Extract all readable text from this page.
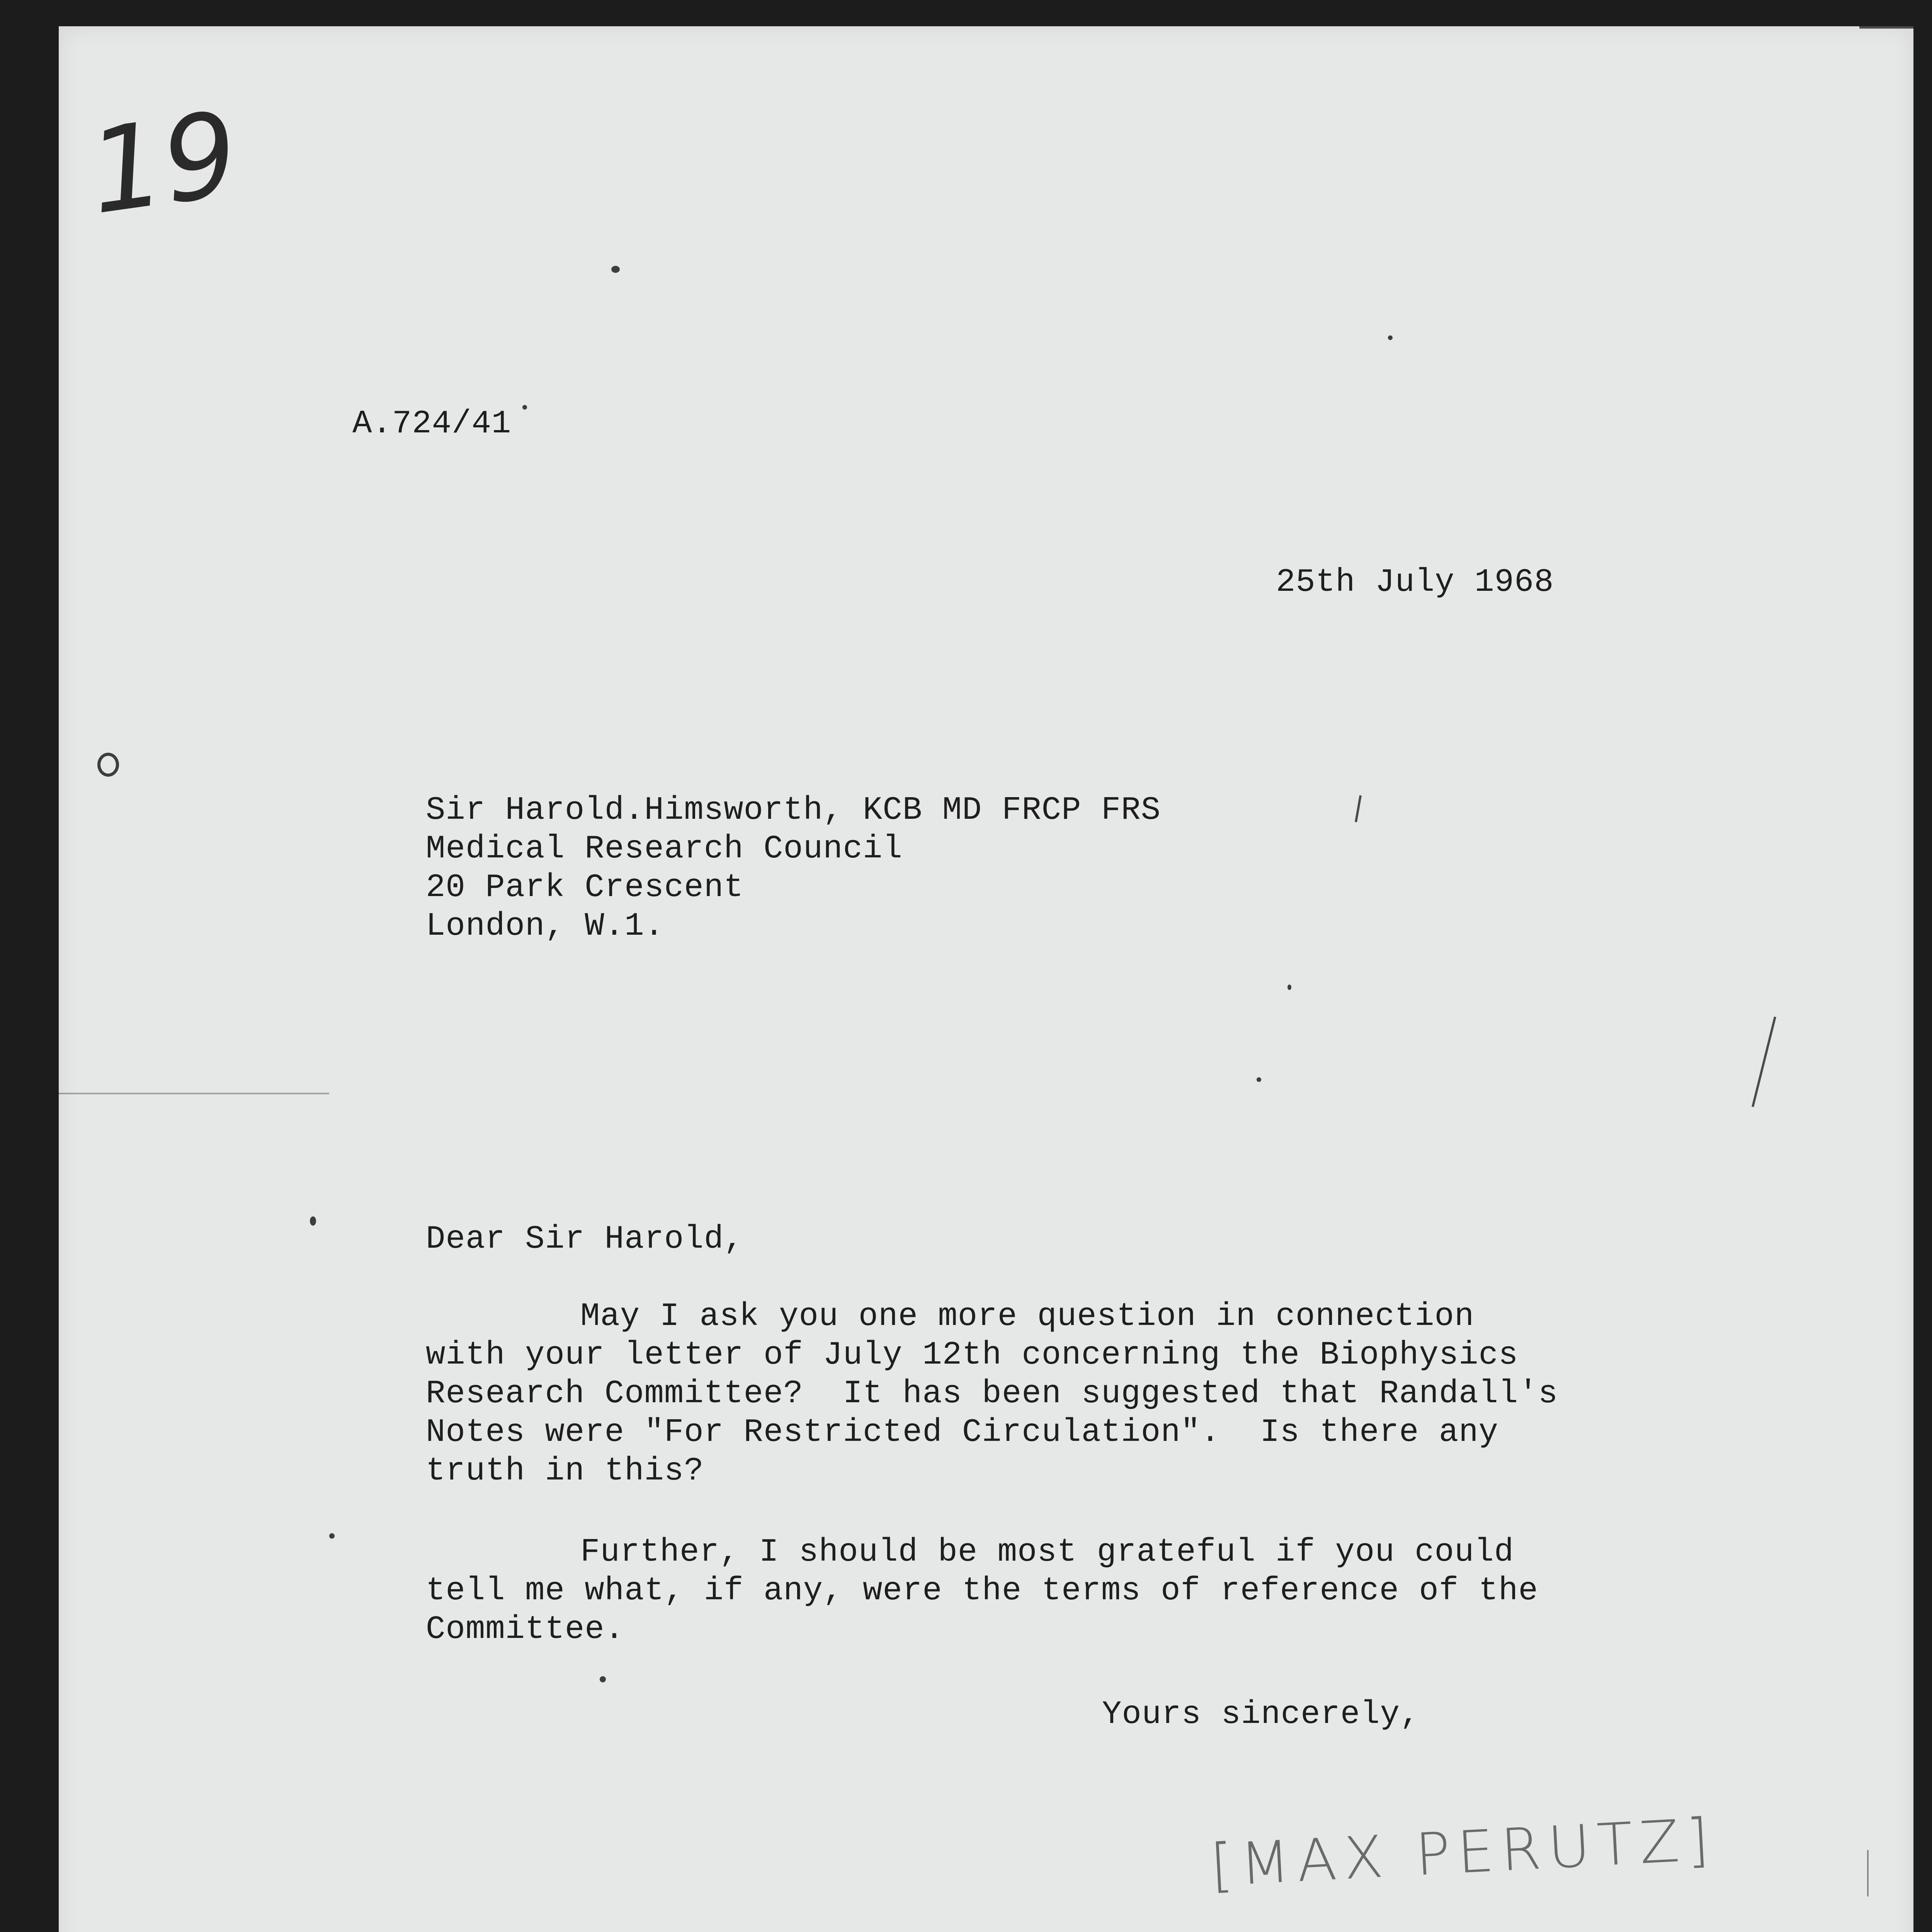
19
A.724/41
25th July 1968
Sir Harold.Himsworth, KCB MD FRCP FRS
Medical Research Council
20 Park Crescent
London, W.1.
Dear Sir Harold,
May I ask you one more question in connection
with your letter of July 12th concerning the Biophysics
Research Committee?  It has been suggested that Randall's
Notes were "For Restricted Circulation".  Is there any
truth in this?
Further, I should be most grateful if you could
tell me what, if any, were the terms of reference of the
Committee.
Yours sincerely,
[MAX PERUTZ]
